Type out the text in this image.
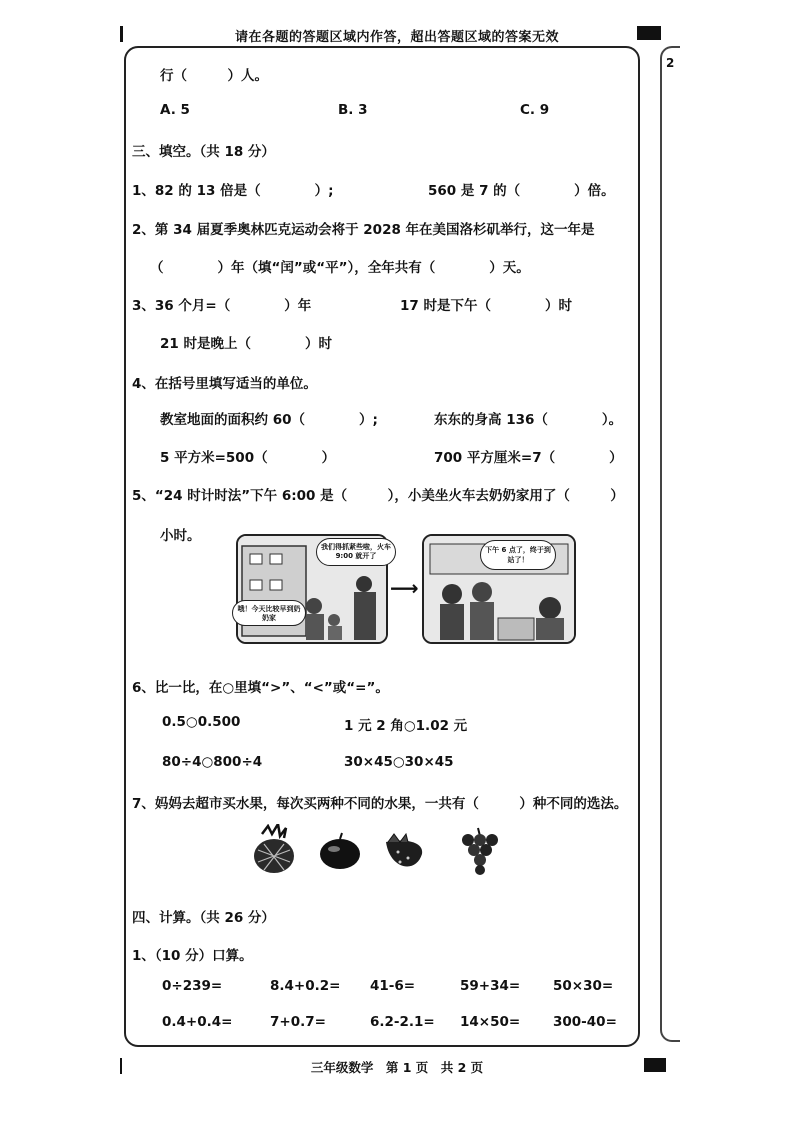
请在各题的答题区域内作答，超出答题区域的答案无效
2
行（　　　）人。
A. 5	B. 3	C. 9
三、填空。（共 18 分）
1、82 的 13 倍是（　　　　）;	560 是 7 的（　　　　）倍。
2、第 34 届夏季奥林匹克运动会将于 2028 年在美国洛杉矶举行，这一年是
（　　　　）年（填“闰”或“平”），全年共有（　　　　）天。
3、36 个月=（　　　　）年	17 时是下午（　　　　）时
21 时是晚上（　　　　）时
4、在括号里填写适当的单位。
教室地面的面积约 60（　　　　）;	东东的身高 136（　　　　）。
5 平方米=500（　　　　）	700 平方厘米=7（　　　　）
5、“24 时计时法”下午 6:00 是（　　　），小美坐火车去奶奶家用了（　　　）
小时。
我们得抓紧些啦，火车 9:00 就开了
哦！今天比较早到奶奶家
⟶
下午 6 点了，终于到站了！
6、比一比，在○里填“>”、“<”或“=”。
0.5○0.500	1 元 2 角○1.02 元
80÷4○800÷4	30×45○30×45
7、妈妈去超市买水果，每次买两种不同的水果，一共有（　　　）种不同的选法。
四、计算。（共 26 分）
1、（10 分）口算。
0÷239=	8.4+0.2= 41-6=	59+34= 50×30=
0.4+0.4=	7+0.7=	6.2-2.1= 14×50= 300-40=
三年级数学　第 1 页　共 2 页
